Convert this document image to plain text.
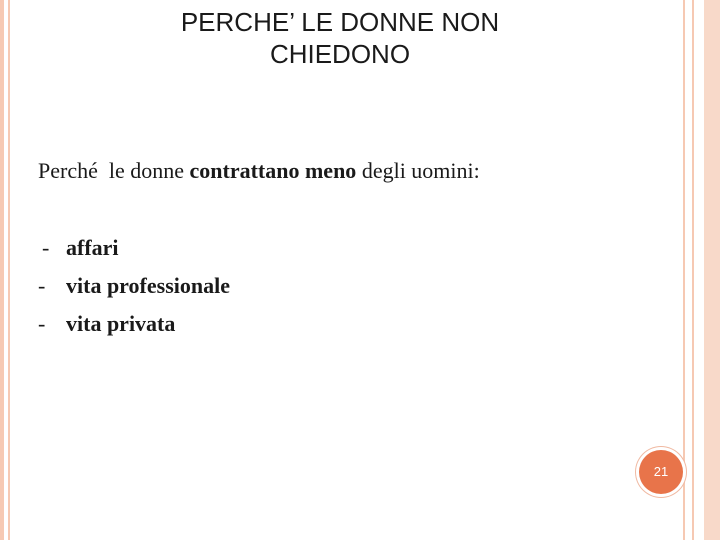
PERCHE’ LE DONNE NON
CHIEDONO
Perché  le donne contrattano meno degli uomini:
- affari
- vita professionale
- vita privata
21
